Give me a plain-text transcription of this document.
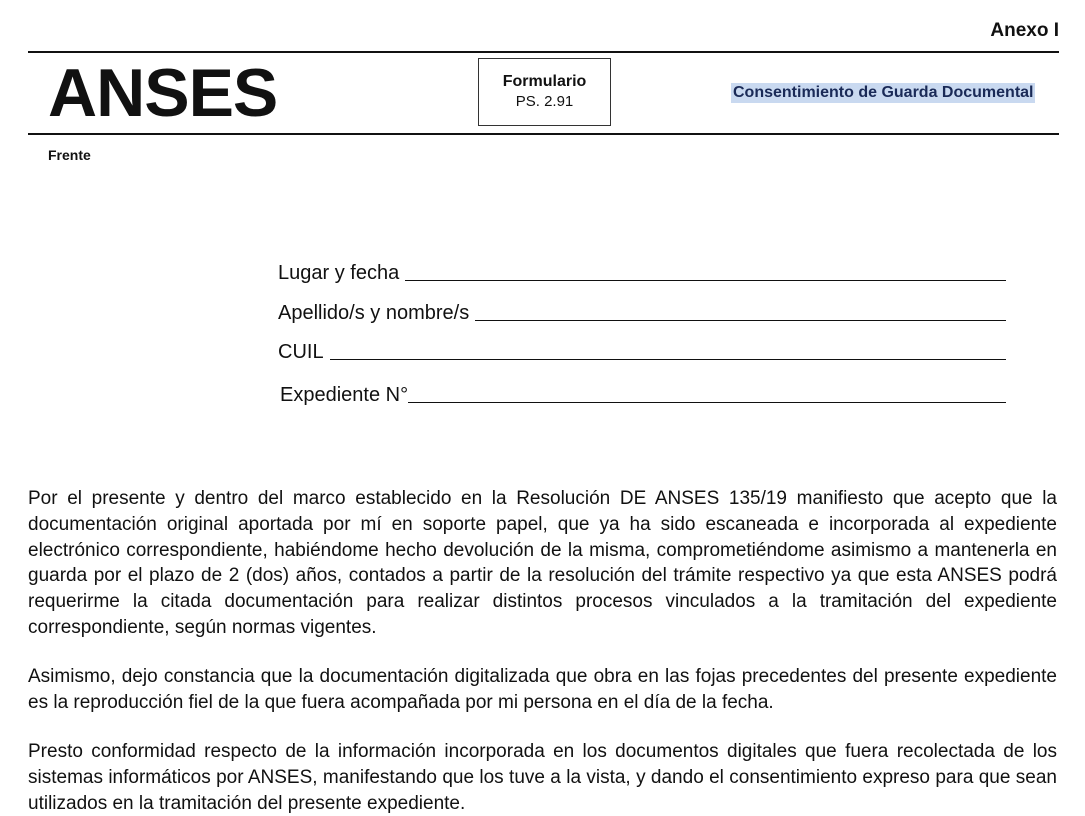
Anexo I
ANSES	Formulario
PS. 2.91
Consentimiento de Guarda Documental
Frente
Lugar y fecha
Apellido/s y nombre/s
CUIL
Expediente N°

Por el presente y dentro del marco establecido en la Resolución DE ANSES 135/19 manifiesto que acepto que la documentación original aportada por mí en soporte papel, que ya ha sido escaneada e incorporada al expediente electrónico correspondiente, habiéndome hecho devolución de la misma, comprometiéndome asimismo a mantenerla en guarda por el plazo de 2 (dos) años, contados a partir de la resolución del trámite respectivo ya que esta ANSES podrá requerirme la citada documentación para realizar distintos procesos vinculados a la tramitación del expediente correspondiente, según normas vigentes.

Asimismo, dejo constancia que la documentación digitalizada que obra en las fojas precedentes del presente expediente es la reproducción fiel de la que fuera acompañada por mi persona en el día de la fecha.

Presto conformidad respecto de la información incorporada en los documentos digitales que fuera recolectada de los sistemas informáticos por ANSES, manifestando que los tuve a la vista, y dando el consentimiento expreso para que sean utilizados en la tramitación del presente expediente.
